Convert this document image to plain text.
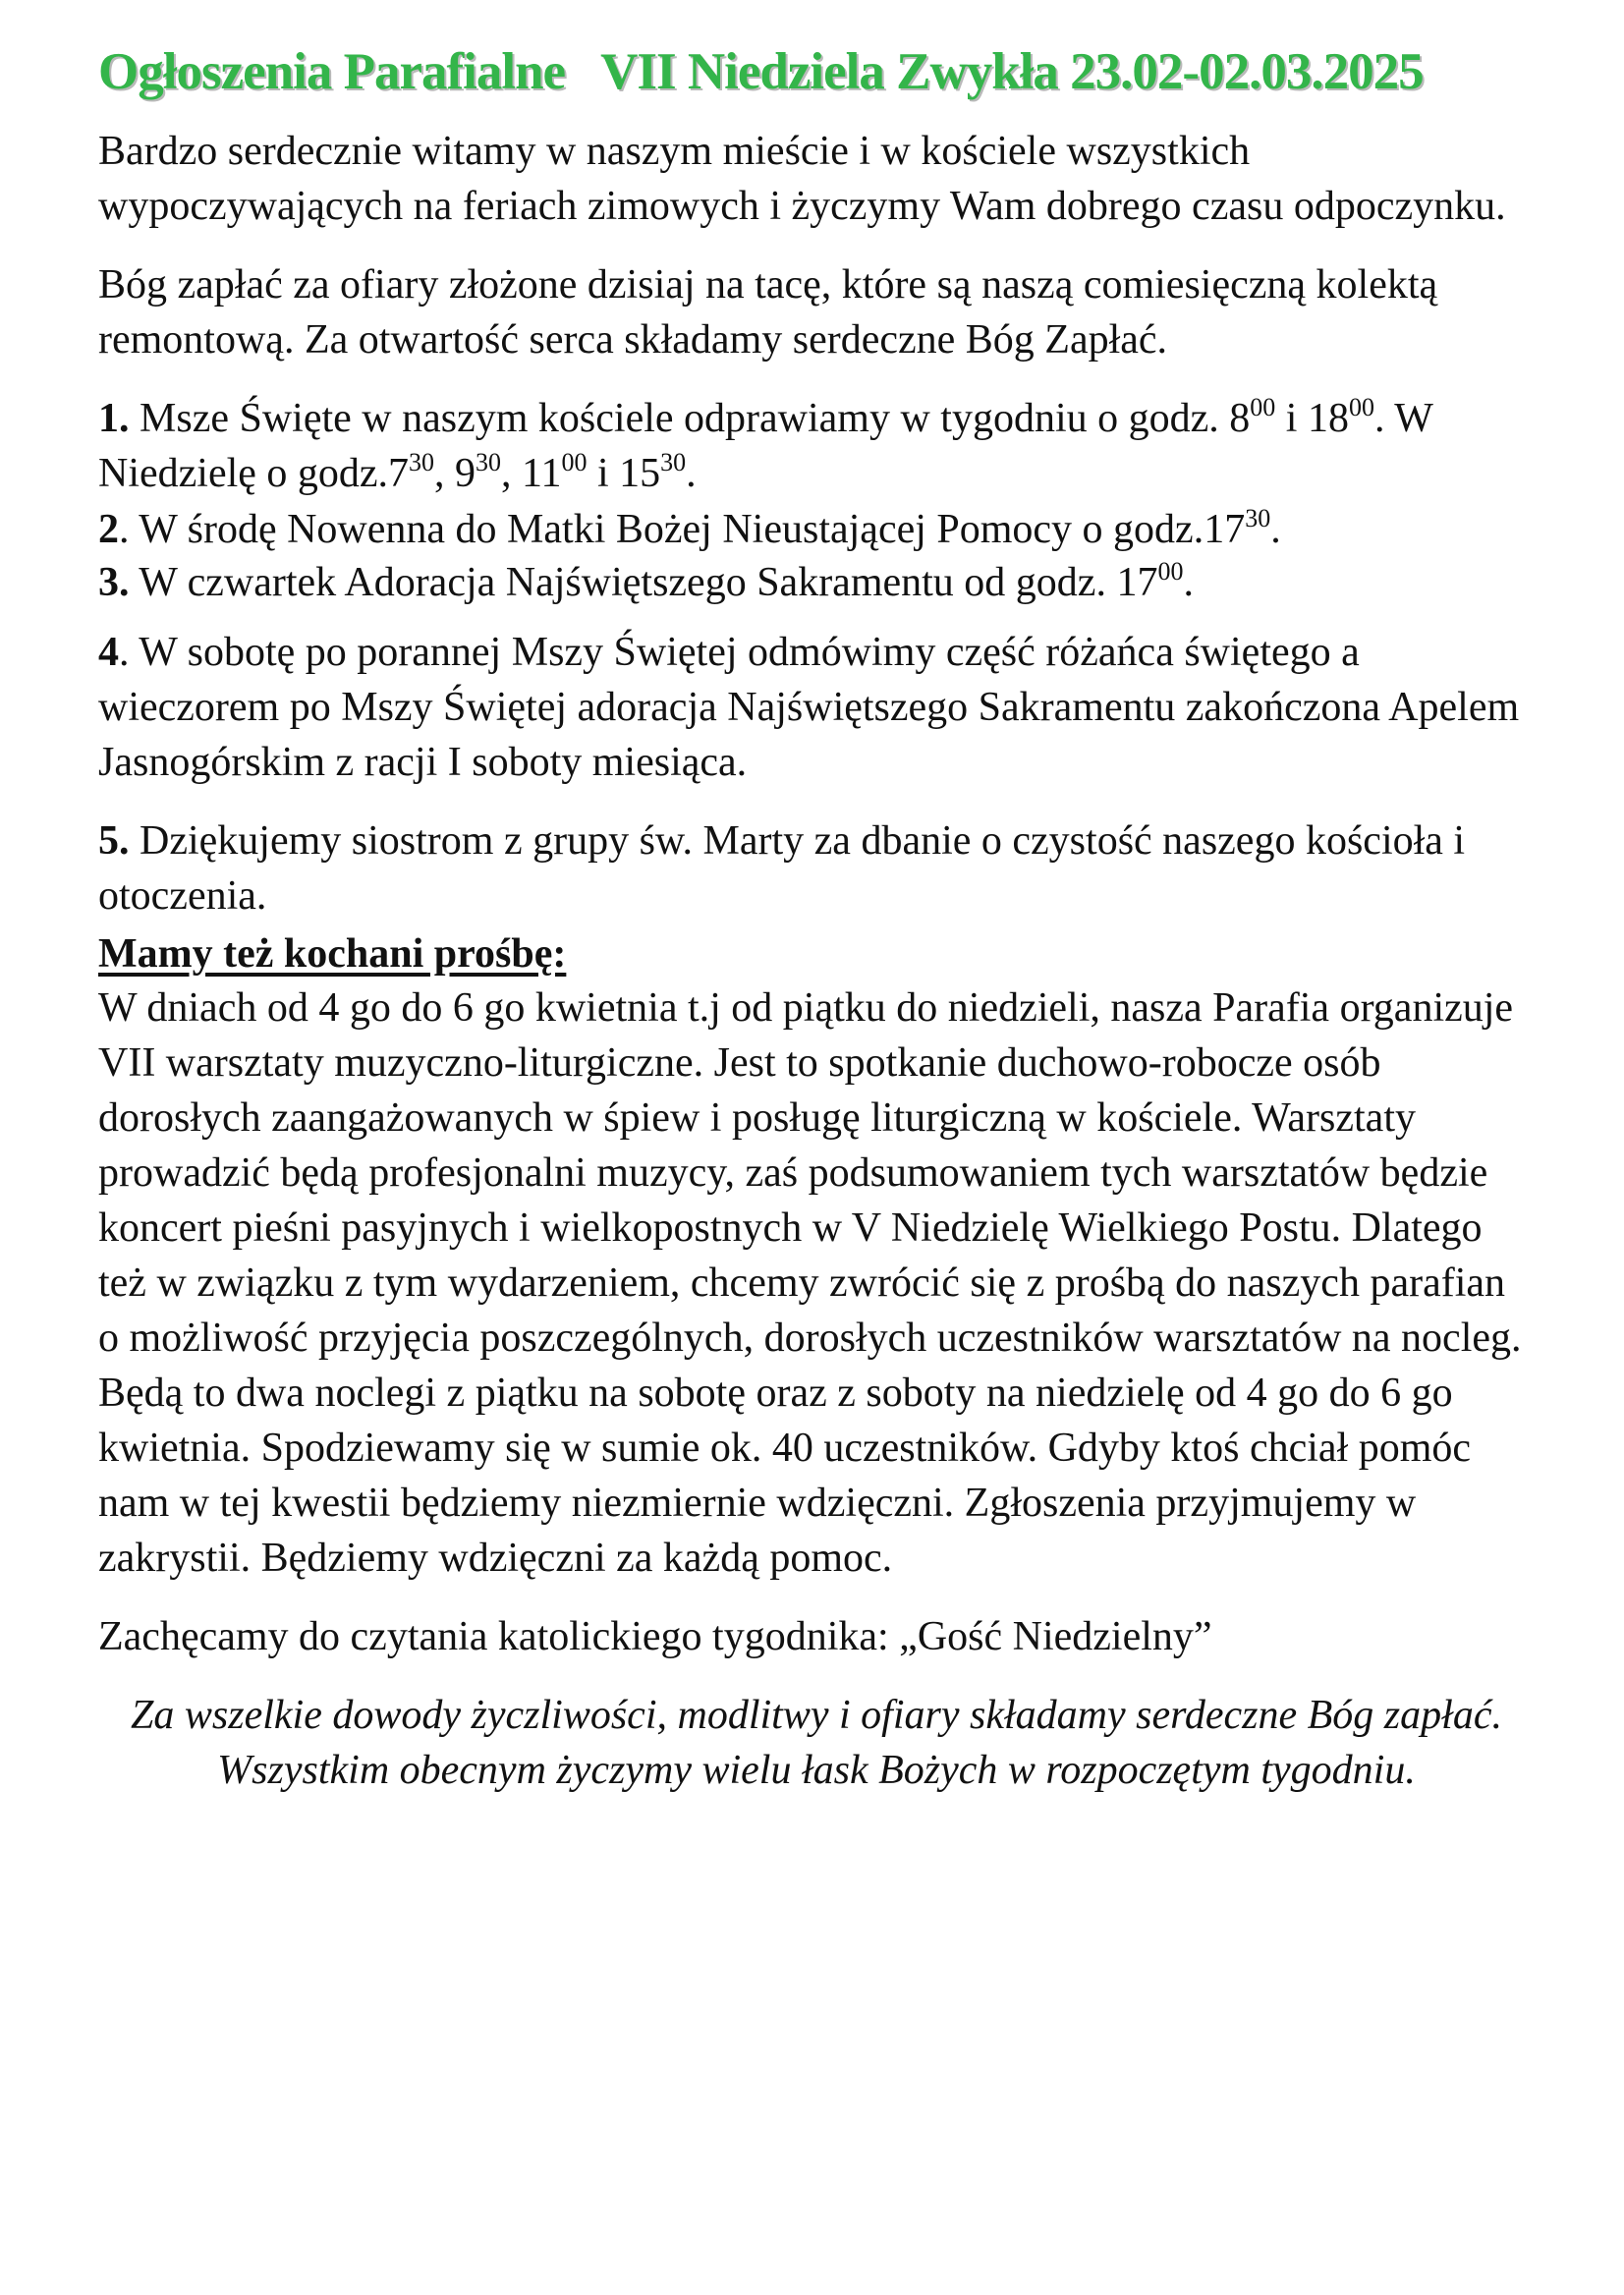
Ogłoszenia Parafialne VII Niedziela Zwykła 23.02-02.03.2025

Bardzo serdecznie witamy w naszym mieście i w kościele wszystkich wypoczywających na feriach zimowych i życzymy Wam dobrego czasu odpoczynku.

Bóg zapłać za ofiary złożone dzisiaj na tacę, które są naszą comiesięczną kolektą remontową. Za otwartość serca składamy serdeczne Bóg Zapłać.

1. Msze Święte w naszym kościele odprawiamy w tygodniu o godz. $8^{00}$ i $18^{00}$. W Niedzielę o $godz.7^{30}$, $9^{30}$, $11^{00}$ i $15^{30}$.

2. W środę Nowenna do Matki Bożej Nieustającej Pomocy o $godz.17^{30}$.

3. W czwartek Adoracja Najświętszego Sakramentu od godz. $17^{00}$.

4. W sobotę po porannej Mszy Świętej odmówimy część różańca świętego a wieczorem po Mszy Świętej adoracja Najświętszego Sakramentu zakończona Apelem Jasnogórskim z racji I soboty miesiąca.

5. Dziękujemy siostrom z grupy św. Marty za dbanie o czystość naszego kościoła i otoczenia.

Mamy też kochani prośbę:

W dniach od 4 go do 6 go kwietnia t.j od piątku do niedzieli, nasza Parafia organizuje VII warsztaty muzyczno-liturgiczne. Jest to spotkanie duchowo-robocze osób dorosłych zaangażowanych w śpiew i posługę liturgiczną w kościele. Warsztaty prowadzić będą profesjonalni muzycy, zaś podsumowaniem tych warsztatów będzie koncert pieśni pasyjnych i wielkopostnych w V Niedzielę Wielkiego Postu. Dlatego też w związku z tym wydarzeniem, chcemy zwrócić się z prośbą do naszych parafian o możliwość przyjęcia poszczególnych, dorosłych uczestników warsztatów na nocleg. Będą to dwa noclegi z piątku na sobotę oraz z soboty na niedzielę od 4 go do 6 go kwietnia. Spodziewamy się w sumie ok. 40 uczestników. Gdyby ktoś chciał pomóc nam w tej kwestii będziemy niezmiernie wdzięczni. Zgłoszenia przyjmujemy w zakrystii. Będziemy wdzięczni za każdą pomoc.

Zachęcamy do czytania katolickiego tygodnika: „Gość Niedzielny”

Za wszelkie dowody życzliwości, modlitwy i ofiary składamy serdeczne Bóg zapłać. Wszystkim obecnym życzymy wielu łask Bożych w rozpoczętym tygodniu.
